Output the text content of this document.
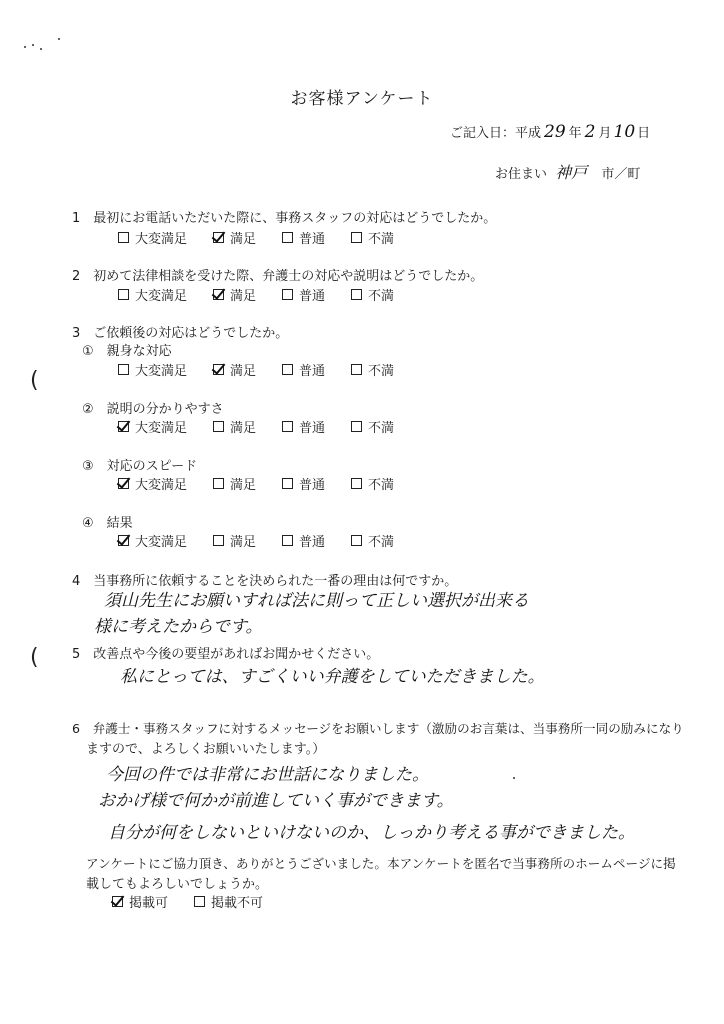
(
(
お客様アンケート
ご記入日：平成 29 年 2 月 10 日
お住まい 神戸 市／町
1　最初にお電話いただいた際に、事務スタッフの対応はどうでしたか。
大変満足	満足	普通	不満
2　初めて法律相談を受けた際、弁護士の対応や説明はどうでしたか。
大変満足	満足	普通	不満
3　ご依頼後の対応はどうでしたか。
①　親身な対応
大変満足	満足	普通	不満
②　説明の分かりやすさ
大変満足	満足	普通	不満
③　対応のスピード
大変満足	満足	普通	不満
④　結果
大変満足	満足	普通	不満
4　当事務所に依頼することを決められた一番の理由は何ですか。
須山先生にお願いすれば法に則って正しい選択が出来る
様に考えたからです。
5　改善点や今後の要望があればお聞かせください。
私にとっては、すごくいい弁護をしていただきました。
6　弁護士・事務スタッフに対するメッセージをお願いします（激励のお言葉は、当事務所一同の励みになり
ますので、よろしくお願いいたします。）
今回の件では非常にお世話になりました。
おかげ様で何かが前進していく事ができます。
自分が何をしないといけないのか、しっかり考える事ができました。
アンケートにご協力頂き、ありがとうございました。本アンケートを匿名で当事務所のホームページに掲
載してもよろしいでしょうか。
掲載可	掲載不可
